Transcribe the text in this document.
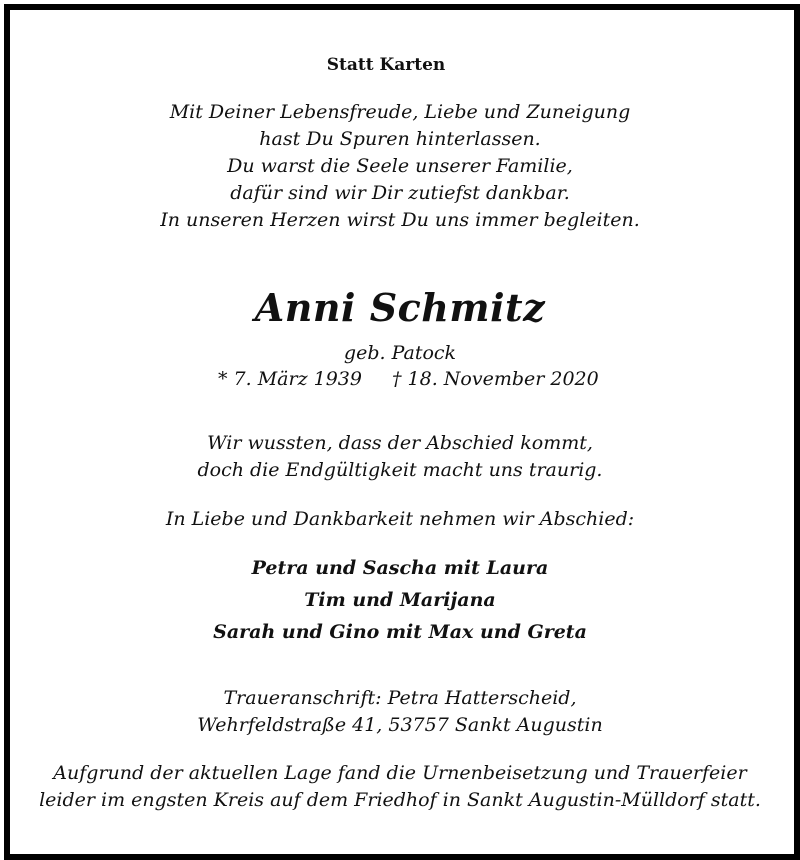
Statt Karten
Mit Deiner Lebensfreude, Liebe und Zuneigung
hast Du Spuren hinterlassen.
Du warst die Seele unserer Familie,
dafür sind wir Dir zutiefst dankbar.
In unseren Herzen wirst Du uns immer begleiten.
Anni Schmitz
geb. Patock
* 7. März 1939 † 18. November 2020
Wir wussten, dass der Abschied kommt,
doch die Endgültigkeit macht uns traurig.
In Liebe und Dankbarkeit nehmen wir Abschied:
Petra und Sascha mit Laura
Tim und Marijana
Sarah und Gino mit Max und Greta
Traueranschrift: Petra Hatterscheid,
Wehrfeldstraße 41, 53757 Sankt Augustin
Aufgrund der aktuellen Lage fand die Urnenbeisetzung und Trauerfeier
leider im engsten Kreis auf dem Friedhof in Sankt Augustin-Mülldorf statt.
